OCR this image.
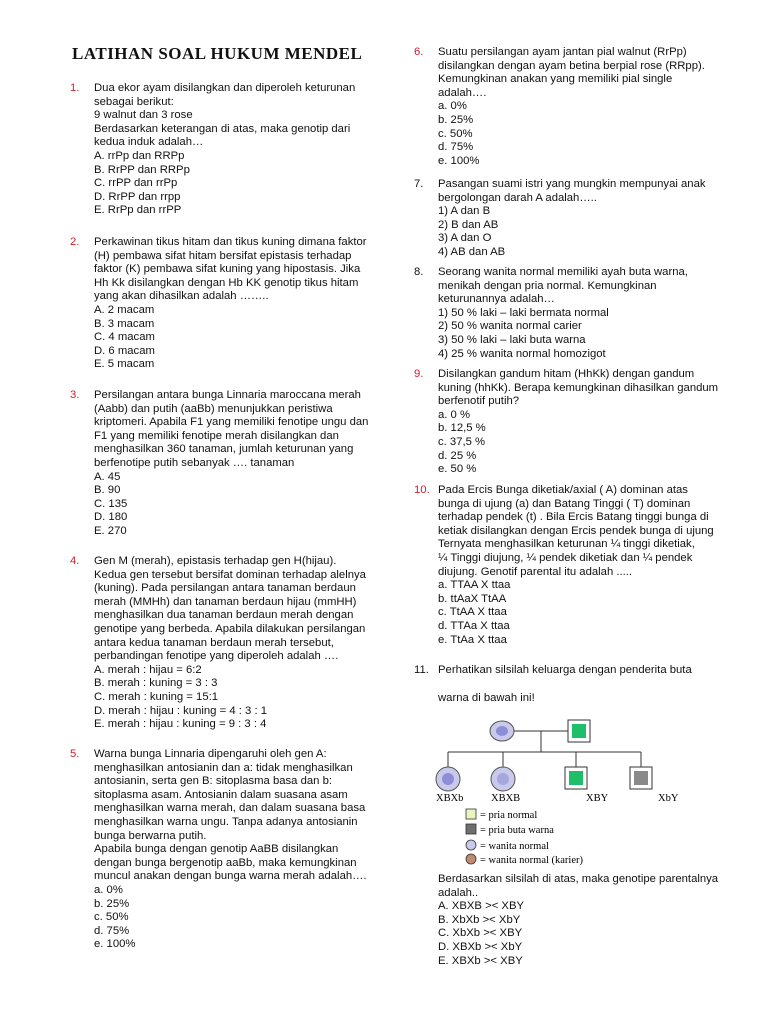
LATIHAN SOAL HUKUM MENDEL
1. Dua ekor ayam disilangkan dan diperoleh keturunan
sebagai berikut:
9 walnut dan 3 rose
Berdasarkan keterangan di atas, maka genotip dari
kedua induk adalah…
A. rrPp dan RRPp
B. RrPP dan RRPp
C. rrPP dan rrPp
D. RrPP dan rrpp
E. RrPp dan rrPP
2. Perkawinan tikus hitam dan tikus kuning dimana faktor
(H) pembawa sifat hitam bersifat epistasis terhadap
faktor (K) pembawa sifat kuning yang hipostasis. Jika
Hh Kk disilangkan dengan Hb KK genotip tikus hitam
yang akan dihasilkan adalah ……..
A. 2 macam
B. 3 macam
C. 4 macam
D. 6 macam
E. 5 macam
3. Persilangan antara bunga Linnaria maroccana merah
(Aabb) dan putih (aaBb) menunjukkan peristiwa
kriptomeri. Apabila F1 yang memiliki fenotipe ungu dan
F1 yang memiliki fenotipe merah disilangkan dan
menghasilkan 360 tanaman, jumlah keturunan yang
berfenotipe putih sebanyak …. tanaman
A. 45
B. 90
C. 135
D. 180
E. 270
4. Gen M (merah), epistasis terhadap gen H(hijau).
Kedua gen tersebut bersifat dominan terhadap alelnya
(kuning). Pada persilangan antara tanaman berdaun
merah (MMHh) dan tanaman berdaun hijau (mmHH)
menghasilkan dua tanaman berdaun merah dengan
genotipe yang berbeda. Apabila dilakukan persilangan
antara kedua tanaman berdaun merah tersebut,
perbandingan fenotipe yang diperoleh adalah ….
A. merah : hijau = 6:2
B. merah : kuning = 3 : 3
C. merah : kuning = 15:1
D. merah : hijau : kuning = 4 : 3 : 1
E. merah : hijau : kuning = 9 : 3 : 4
5. Warna bunga Linnaria dipengaruhi oleh gen A:
menghasilkan antosianin dan a: tidak menghasilkan
antosianin, serta gen B: sitoplasma basa dan b:
sitoplasma asam. Antosianin dalam suasana asam
menghasilkan warna merah, dan dalam suasana basa
menghasilkan warna ungu. Tanpa adanya antosianin
bunga berwarna putih.
Apabila bunga dengan genotip AaBB disilangkan
dengan bunga bergenotip aaBb, maka kemungkinan
muncul anakan dengan bunga warna merah adalah….
a. 0%
b. 25%
c. 50%
d. 75%
e. 100%
6. Suatu persilangan ayam jantan pial walnut (RrPp)
disilangkan dengan ayam betina berpial rose (RRpp).
Kemungkinan anakan yang memiliki pial single
adalah….
a. 0%
b. 25%
c. 50%
d. 75%
e. 100%
7. Pasangan suami istri yang mungkin mempunyai anak
bergolongan darah A adalah…..
1) A dan B
2) B dan AB
3) A dan O
4) AB dan AB
8. Seorang wanita normal memiliki ayah buta warna,
menikah dengan pria normal. Kemungkinan
keturunannya adalah…
1) 50 % laki – laki bermata normal
2) 50 % wanita normal carier
3) 50 % laki – laki buta warna
4) 25 % wanita normal homozigot
9. Disilangkan gandum hitam (HhKk) dengan gandum
kuning (hhKk). Berapa kemungkinan dihasilkan gandum
berfenotif putih?
a. 0 %
b. 12,5 %
c. 37,5 %
d. 25 %
e. 50 %
10. Pada Ercis Bunga diketiak/axial ( A) dominan atas
bunga di ujung (a) dan Batang Tinggi ( T) dominan
terhadap pendek (t) . Bila Ercis Batang tinggi bunga di
ketiak disilangkan dengan Ercis pendek bunga di ujung
Ternyata menghasilkan keturunan ¼ tinggi diketiak,
¼ Tinggi diujung, ¼ pendek diketiak dan ¼ pendek
diujung. Genotif parental itu adalah .....
a. TTAA X ttaa
b. ttAaX TtAA
c. TtAA X ttaa
d. TTAa X ttaa
e. TtAa X ttaa
11. Perhatikan silsilah keluarga dengan penderita buta
warna di bawah ini!
XBXb	XBXB	XBY	XbY
= pria normal
= pria buta warna
= wanita normal
= wanita normal (karier)
Berdasarkan silsilah di atas, maka genotipe parentalnya
adalah..
A. XBXB >< XBY
B. XbXb >< XbY
C. XbXb >< XBY
D. XBXb >< XbY
E. XBXb >< XBY
